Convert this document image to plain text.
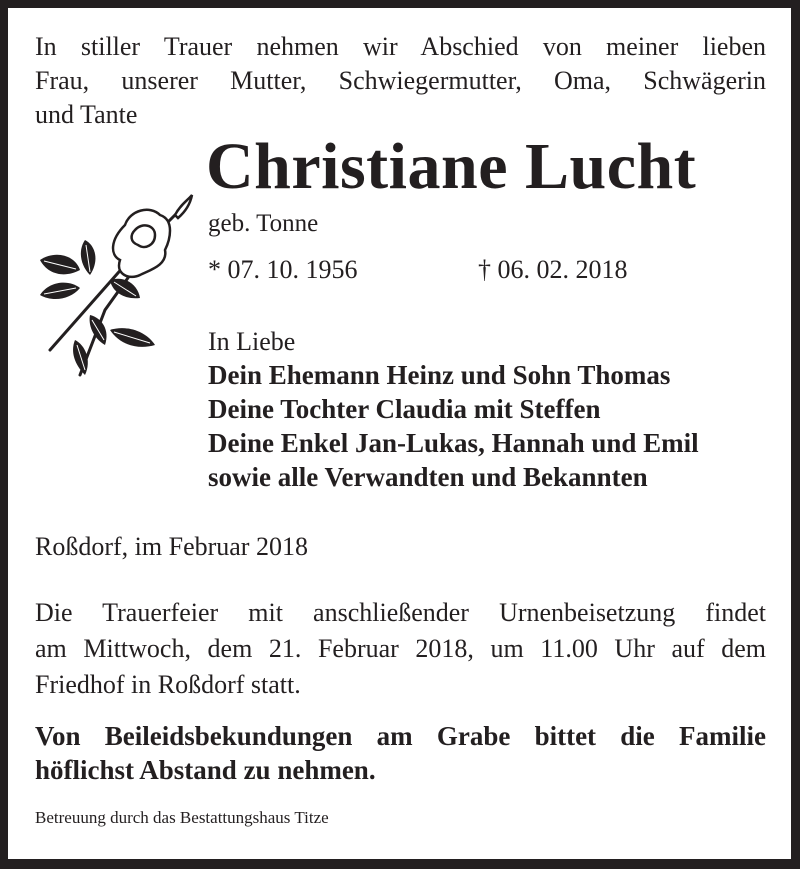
In stiller Trauer nehmen wir Abschied von meiner lieben
Frau, unserer Mutter, Schwiegermutter, Oma, Schwägerin
und Tante
Christiane Lucht
geb. Tonne
* 07. 10. 1956	† 06. 02. 2018
In Liebe
Dein Ehemann Heinz und Sohn Thomas
Deine Tochter Claudia mit Steffen
Deine Enkel Jan-Lukas, Hannah und Emil
sowie alle Verwandten und Bekannten
Roßdorf, im Februar 2018
Die Trauerfeier mit anschließender Urnenbeisetzung findet
am Mittwoch, dem 21. Februar 2018, um 11.00 Uhr auf dem
Friedhof in Roßdorf statt.
Von Beileidsbekundungen am Grabe bittet die Familie
höflichst Abstand zu nehmen.
Betreuung durch das Bestattungshaus Titze
